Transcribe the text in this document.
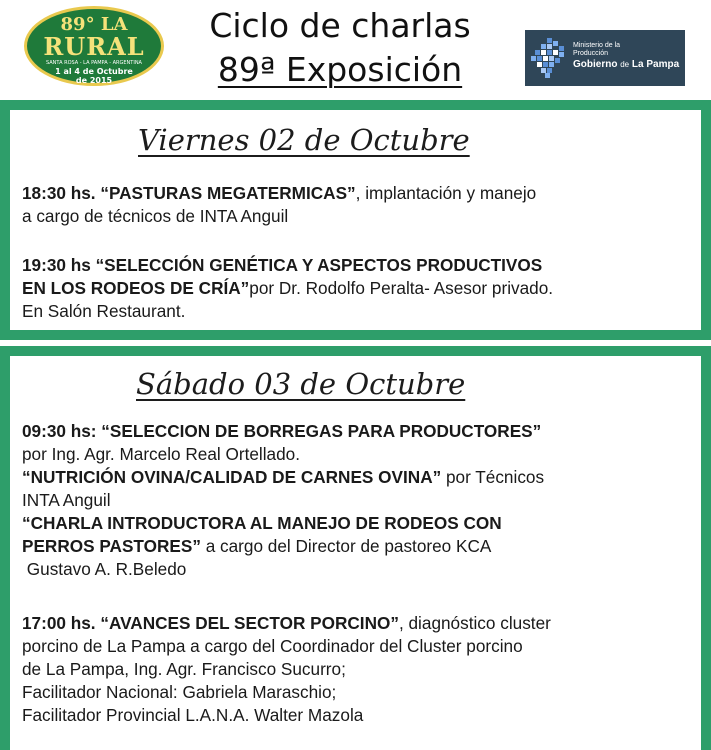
89° LA
RURAL
SANTA ROSA - LA PAMPA - ARGENTINA
1 al 4 de Octubre
de 2015
Ciclo de charlas
89ª Exposición
Ministerio de la
Producción
Gobierno de La Pampa
Viernes 02 de Octubre
18:30 hs. “PASTURAS MEGATERMICAS”, implantación y manejo
a cargo de técnicos de INTA Anguil
19:30 hs “SELECCIÓN GENÉTICA Y ASPECTOS PRODUCTIVOS
EN LOS RODEOS DE CRÍA”por Dr. Rodolfo Peralta- Asesor privado.
En Salón Restaurant.
Sábado 03 de Octubre
09:30 hs: “SELECCION DE BORREGAS PARA PRODUCTORES”
por Ing. Agr. Marcelo Real Ortellado.
“NUTRICIÓN OVINA/CALIDAD DE CARNES OVINA” por Técnicos
INTA Anguil
“CHARLA INTRODUCTORA AL MANEJO DE RODEOS CON
PERROS PASTORES” a cargo del Director de pastoreo KCA
Gustavo A. R.Beledo
17:00 hs. “AVANCES DEL SECTOR PORCINO”, diagnóstico cluster
porcino de La Pampa a cargo del Coordinador del Cluster porcino
de La Pampa, Ing. Agr. Francisco Sucurro;
Facilitador Nacional: Gabriela Maraschio;
Facilitador Provincial L.A.N.A. Walter Mazola
